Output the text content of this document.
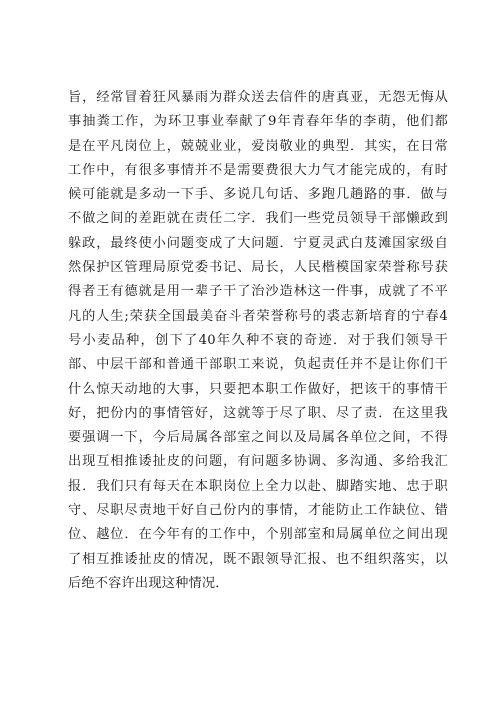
旨，经常冒着狂风暴雨为群众送去信件的唐真亚，无怨无悔从
事抽粪工作，为环卫事业奉献了9年青春年华的李萌，他们都
是在平凡岗位上，兢兢业业，爱岗敬业的典型．其实，在日常
工作中，有很多事情并不是需要费很大力气才能完成的，有时
候可能就是多动一下手、多说几句话、多跑几趟路的事．做与
不做之间的差距就在责任二字．我们一些党员领导干部懒政到
躲政，最终使小问题变成了大问题．宁夏灵武白芨滩国家级自
然保护区管理局原党委书记、局长，人民楷模国家荣誉称号获
得者王有德就是用一辈子干了治沙造林这一件事，成就了不平
凡的人生;荣获全国最美奋斗者荣誉称号的裘志新培育的宁春4
号小麦品种，创下了40年久种不衰的奇迹．对于我们领导干
部、中层干部和普通干部职工来说，负起责任并不是让你们干
什么惊天动地的大事，只要把本职工作做好，把该干的事情干
好，把份内的事情管好，这就等于尽了职、尽了责．在这里我
要强调一下，今后局属各部室之间以及局属各单位之间，不得
出现互相推诿扯皮的问题，有问题多协调、多沟通、多给我汇
报．我们只有每天在本职岗位上全力以赴、脚踏实地、忠于职
守、尽职尽责地干好自己份内的事情，才能防止工作缺位、错
位、越位．在今年有的工作中，个别部室和局属单位之间出现
了相互推诿扯皮的情况，既不跟领导汇报、也不组织落实，以
后绝不容许出现这种情况．
